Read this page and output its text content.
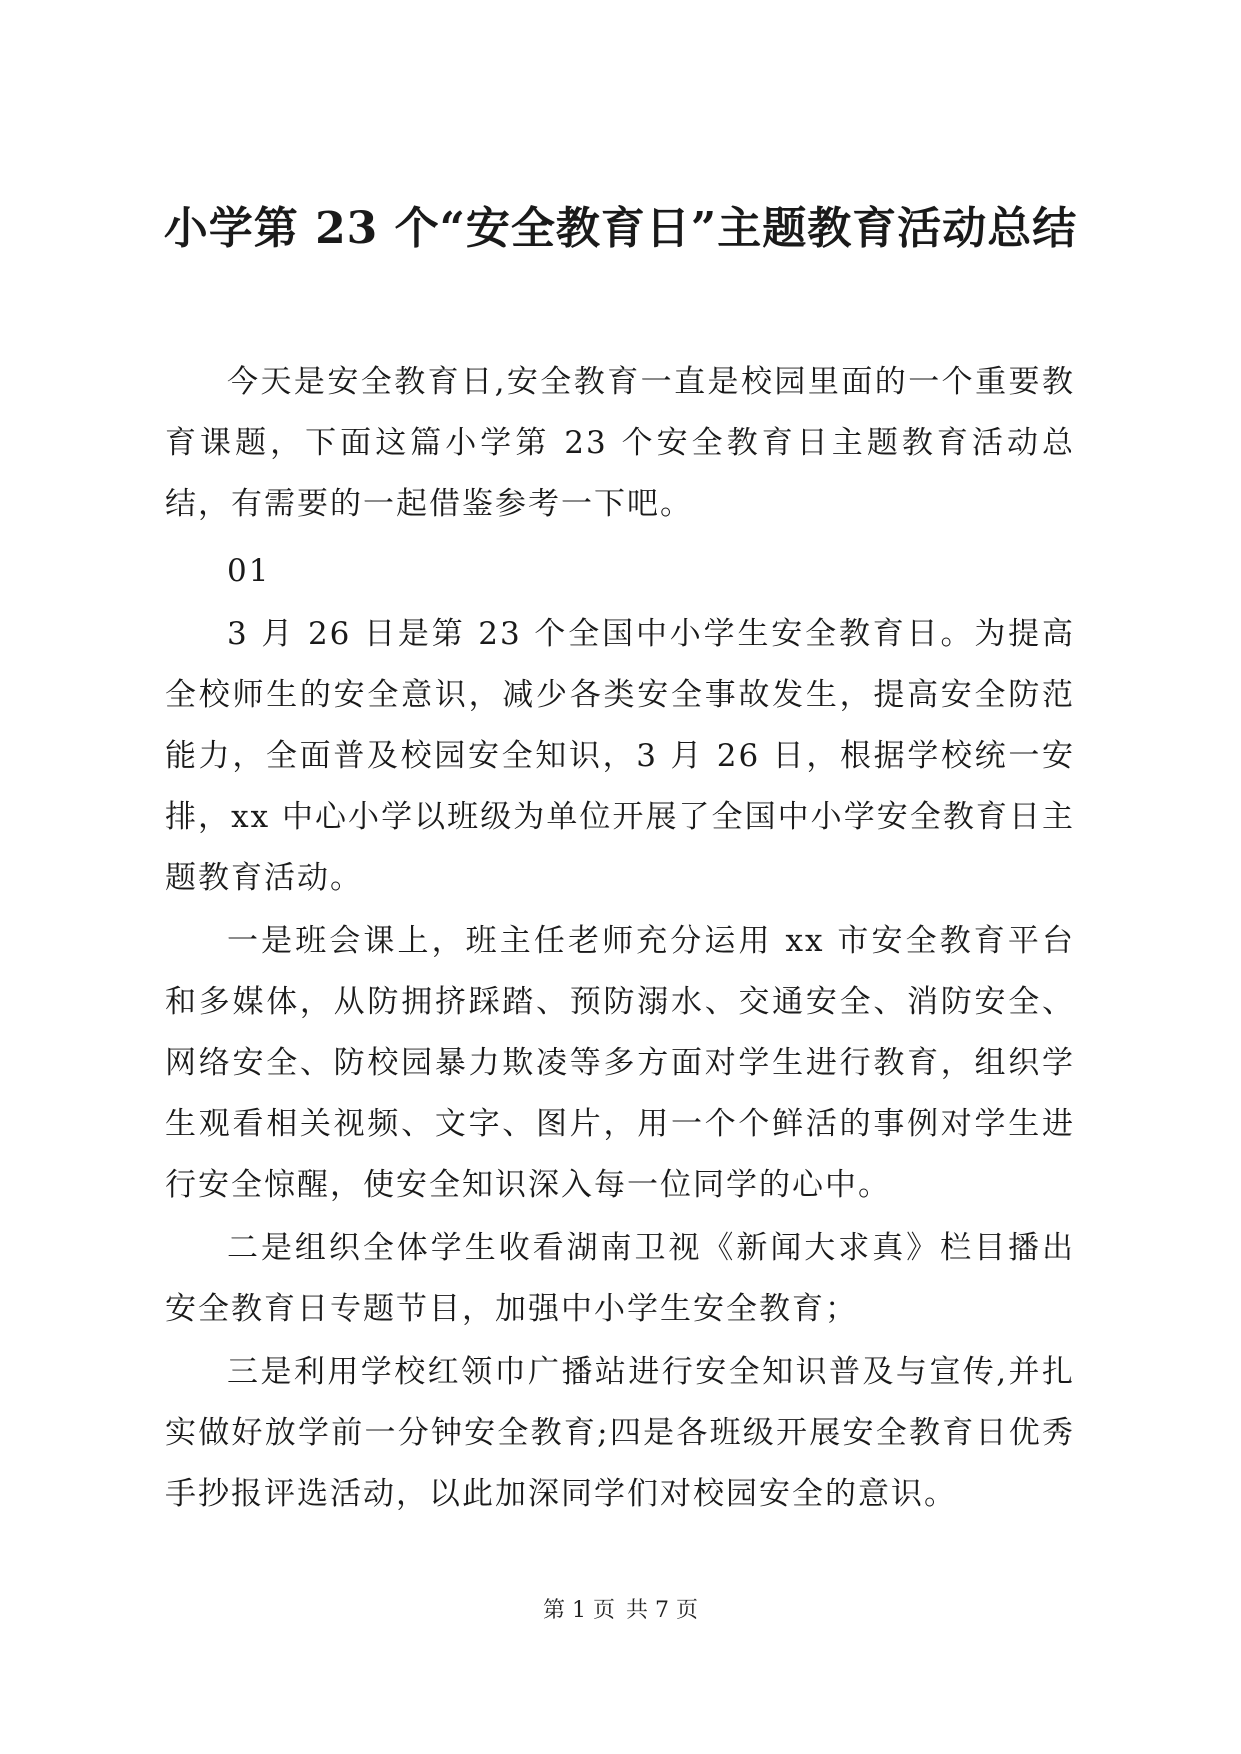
小学第 23 个“安全教育日”主题教育活动总结

今天是安全教育日,安全教育一直是校园里面的一个重要教育课题，下面这篇小学第 23 个安全教育日主题教育活动总结，有需要的一起借鉴参考一下吧。

01

3 月 26 日是第 23 个全国中小学生安全教育日。为提高全校师生的安全意识，减少各类安全事故发生，提高安全防范能力，全面普及校园安全知识，3 月 26 日，根据学校统一安排，xx 中心小学以班级为单位开展了全国中小学安全教育日主题教育活动。

一是班会课上，班主任老师充分运用 xx 市安全教育平台和多媒体，从防拥挤踩踏、预防溺水、交通安全、消防安全、网络安全、防校园暴力欺凌等多方面对学生进行教育，组织学生观看相关视频、文字、图片，用一个个鲜活的事例对学生进行安全惊醒，使安全知识深入每一位同学的心中。

二是组织全体学生收看湖南卫视《新闻大求真》栏目播出安全教育日专题节目，加强中小学生安全教育；

三是利用学校红领巾广播站进行安全知识普及与宣传,并扎实做好放学前一分钟安全教育;四是各班级开展安全教育日优秀手抄报评选活动，以此加深同学们对校园安全的意识。

第 1 页 共 7 页
